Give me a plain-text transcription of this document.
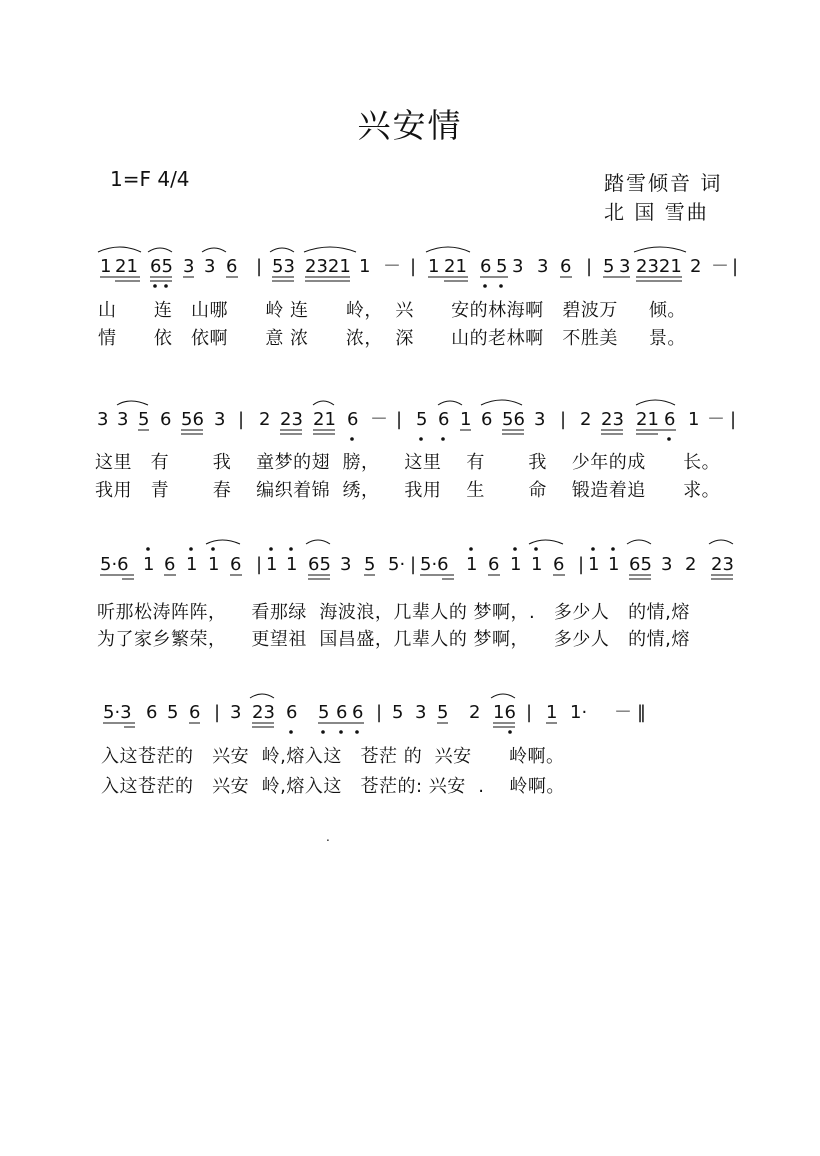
兴安情
1=F 4/4	踏雪倾音 词
北 国 雪曲
1 21 65 3 3 6 | 53 2321 1 － | 1 21 6 5 3 3 6 | 5 3 2321 2 － |
山      连   山哪      岭 连      岭，  兴      安的林海啊   碧波万     倾。
情      依   依啊      意 浓      浓，  深      山的老林啊   不胜美     景。
3 3 5 6 56 3 | 2 23 21 6 － | 5 6 1 6 56 3 | 2 23 21 6 1 － |
这里   有       我    童梦的翅  膀，    这里    有       我    少年的成      长。
我用   青       春    编织着锦  绣，    我用    生       命    锻造着追      求。
5·6 1 6 1 1 6 | 1 1 65 3 5 5· | 5·6 1 6 1 1 6 | 1 1 65 3 2 23
听那松涛阵阵，    看那绿  海波浪，几辈人的 梦啊，.   多少人   的情,熔
为了家乡繁荣，    更望祖  国昌盛，几辈人的 梦啊，    多少人   的情,熔
5·3 6 5 6 | 3 23 6 5 6 6 | 5 3 5 2 16 | 1 1· － ‖
入这苍茫的   兴安  岭,熔入这   苍茫 的  兴安      岭啊。
入这苍茫的   兴安  岭,熔入这   苍茫的: 兴安  .    岭啊。
.
